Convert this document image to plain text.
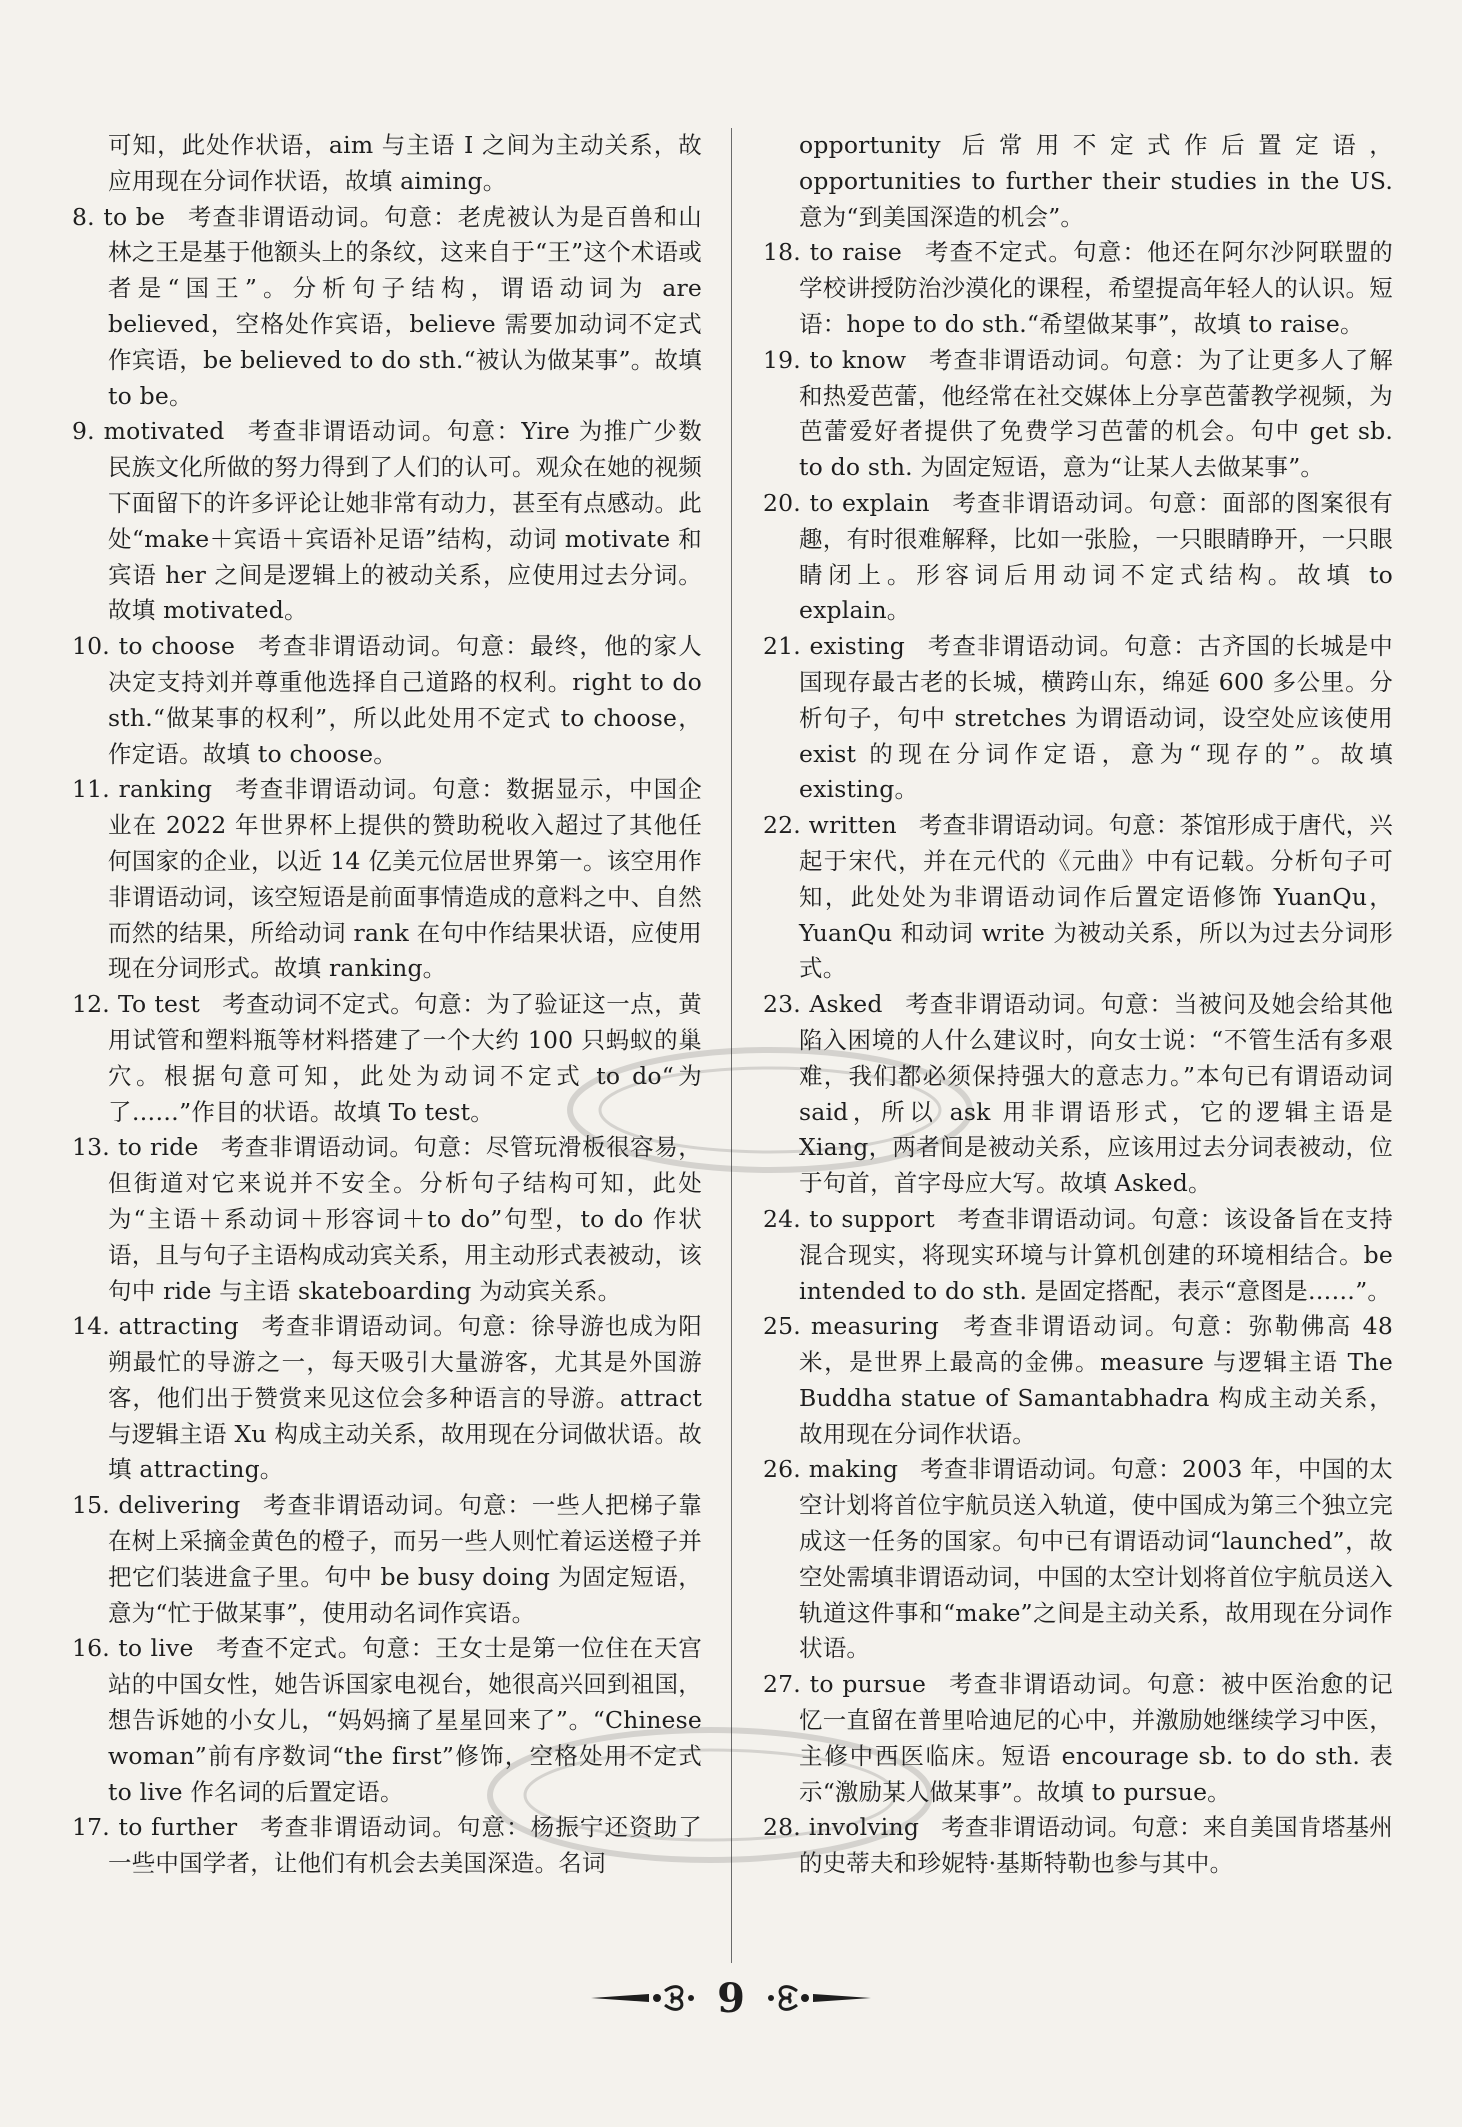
可知，此处作状语，aim 与主语 I 之间为主动关系，故应用现在分词作状语，故填 aiming。

8. to be 考查非谓语动词。句意：老虎被认为是百兽和山林之王是基于他额头上的条纹，这来自于“王”这个术语或者是“国王”。分析句子结构，谓语动词为 are believed，空格处作宾语，believe 需要加动词不定式作宾语，be believed to do sth.“被认为做某事”。故填 to be。

9. motivated 考查非谓语动词。句意：Yire 为推广少数民族文化所做的努力得到了人们的认可。观众在她的视频下面留下的许多评论让她非常有动力，甚至有点感动。此处“make＋宾语＋宾语补足语”结构，动词 motivate 和宾语 her 之间是逻辑上的被动关系，应使用过去分词。故填 motivated。

10. to choose 考查非谓语动词。句意：最终，他的家人决定支持刘并尊重他选择自己道路的权利。right to do sth.“做某事的权利”，所以此处用不定式 to choose，作定语。故填 to choose。

11. ranking 考查非谓语动词。句意：数据显示，中国企业在 2022 年世界杯上提供的赞助税收入超过了其他任何国家的企业，以近 14 亿美元位居世界第一。该空用作非谓语动词，该空短语是前面事情造成的意料之中、自然而然的结果，所给动词 rank 在句中作结果状语，应使用现在分词形式。故填 ranking。

12. To test 考查动词不定式。句意：为了验证这一点，黄用试管和塑料瓶等材料搭建了一个大约 100 只蚂蚁的巢穴。根据句意可知，此处为动词不定式 to do“为了……”作目的状语。故填 To test。

13. to ride 考查非谓语动词。句意：尽管玩滑板很容易，但街道对它来说并不安全。分析句子结构可知，此处为“主语＋系动词＋形容词＋to do”句型，to do 作状语，且与句子主语构成动宾关系，用主动形式表被动，该句中 ride 与主语 skateboarding 为动宾关系。

14. attracting 考查非谓语动词。句意：徐导游也成为阳朔最忙的导游之一，每天吸引大量游客，尤其是外国游客，他们出于赞赏来见这位会多种语言的导游。attract 与逻辑主语 Xu 构成主动关系，故用现在分词做状语。故填 attracting。

15. delivering 考查非谓语动词。句意：一些人把梯子靠在树上采摘金黄色的橙子，而另一些人则忙着运送橙子并把它们装进盒子里。句中 be busy doing 为固定短语，意为“忙于做某事”，使用动名词作宾语。

16. to live 考查不定式。句意：王女士是第一位住在天宫站的中国女性，她告诉国家电视台，她很高兴回到祖国，想告诉她的小女儿，“妈妈摘了星星回来了”。“Chinese woman”前有序数词“the first”修饰，空格处用不定式 to live 作名词的后置定语。

17. to further 考查非谓语动词。句意：杨振宁还资助了一些中国学者，让他们有机会去美国深造。名词

opportunity 后常用不定式作后置定语，opportunities to further their studies in the US. 意为“到美国深造的机会”。

18. to raise 考查不定式。句意：他还在阿尔沙阿联盟的学校讲授防治沙漠化的课程，希望提高年轻人的认识。短语：hope to do sth.“希望做某事”，故填 to raise。

19. to know 考查非谓语动词。句意：为了让更多人了解和热爱芭蕾，他经常在社交媒体上分享芭蕾教学视频，为芭蕾爱好者提供了免费学习芭蕾的机会。句中 get sb. to do sth. 为固定短语，意为“让某人去做某事”。

20. to explain 考查非谓语动词。句意：面部的图案很有趣，有时很难解释，比如一张脸，一只眼睛睁开，一只眼睛闭上。形容词后用动词不定式结构。故填 to explain。

21. existing 考查非谓语动词。句意：古齐国的长城是中国现存最古老的长城，横跨山东，绵延 600 多公里。分析句子，句中 stretches 为谓语动词，设空处应该使用 exist 的现在分词作定语，意为“现存的”。故填 existing。

22. written 考查非谓语动词。句意：茶馆形成于唐代，兴起于宋代，并在元代的《元曲》中有记载。分析句子可知，此处处为非谓语动词作后置定语修饰 YuanQu，YuanQu 和动词 write 为被动关系，所以为过去分词形式。

23. Asked 考查非谓语动词。句意：当被问及她会给其他陷入困境的人什么建议时，向女士说：“不管生活有多艰难，我们都必须保持强大的意志力。”本句已有谓语动词 said，所以 ask 用非谓语形式，它的逻辑主语是 Xiang，两者间是被动关系，应该用过去分词表被动，位于句首，首字母应大写。故填 Asked。

24. to support 考查非谓语动词。句意：该设备旨在支持混合现实，将现实环境与计算机创建的环境相结合。be intended to do sth. 是固定搭配，表示“意图是……”。

25. measuring 考查非谓语动词。句意：弥勒佛高 48 米，是世界上最高的金佛。measure 与逻辑主语 The Buddha statue of Samantabhadra 构成主动关系，故用现在分词作状语。

26. making 考查非谓语动词。句意：2003 年，中国的太空计划将首位宇航员送入轨道，使中国成为第三个独立完成这一任务的国家。句中已有谓语动词“launched”，故空处需填非谓语动词，中国的太空计划将首位宇航员送入轨道这件事和“make”之间是主动关系，故用现在分词作状语。

27. to pursue 考查非谓语动词。句意：被中医治愈的记忆一直留在普里哈迪尼的心中，并激励她继续学习中医，主修中西医临床。短语 encourage sb. to do sth. 表示“激励某人做某事”。故填 to pursue。

28. involving 考查非谓语动词。句意：来自美国肯塔基州的史蒂夫和珍妮特·基斯特勒也参与其中。

9
